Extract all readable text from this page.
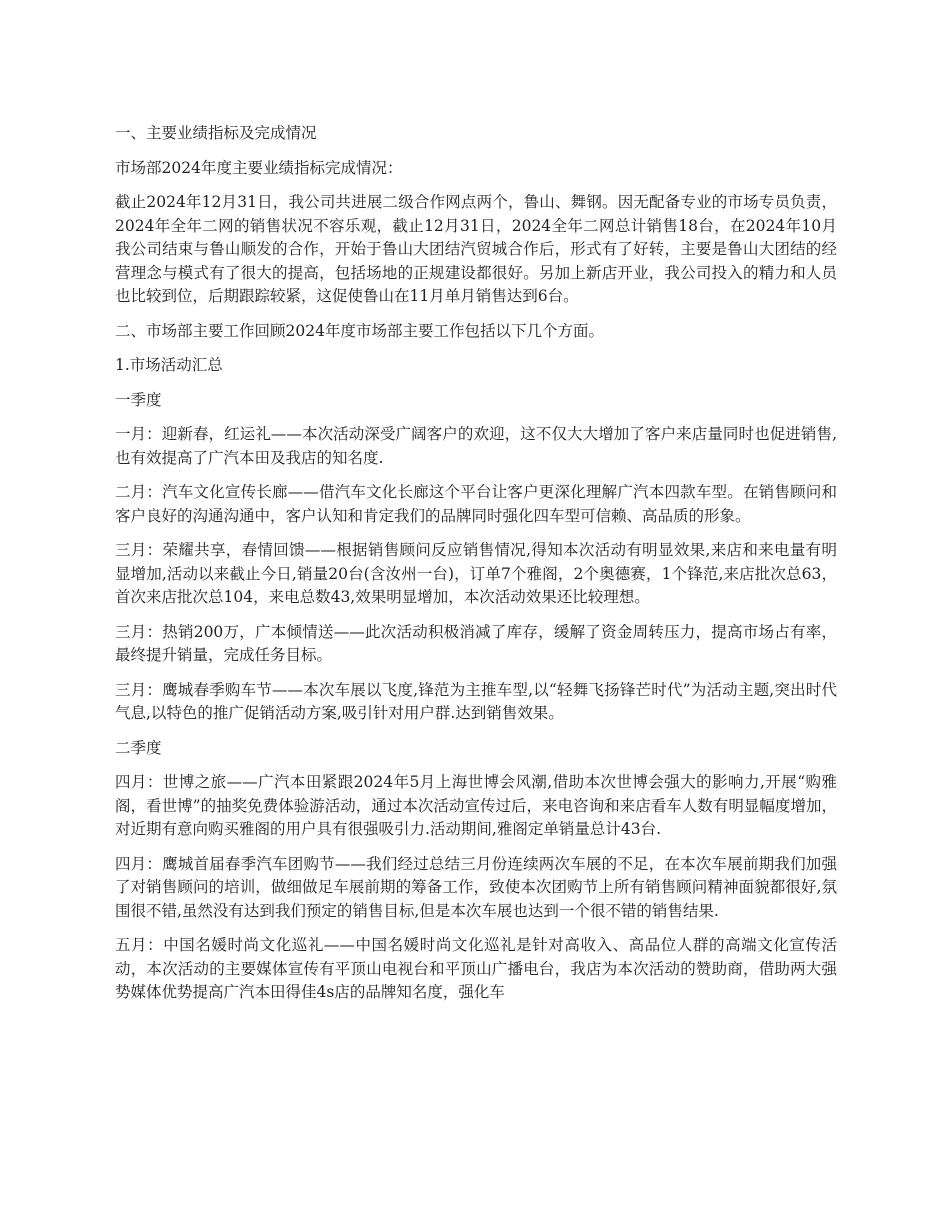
一、主要业绩指标及完成情况

市场部2024年度主要业绩指标完成情况：

截止2024年12月31日，我公司共进展二级合作网点两个，鲁山、舞钢。因无配备专业的市场专员负责，2024年全年二网的销售状况不容乐观，截止12月31日，2024全年二网总计销售18台，在2024年10月我公司结束与鲁山顺发的合作，开始于鲁山大团结汽贸城合作后，形式有了好转，主要是鲁山大团结的经营理念与模式有了很大的提高，包括场地的正规建设都很好。另加上新店开业，我公司投入的精力和人员也比较到位，后期跟踪较紧，这促使鲁山在11月单月销售达到6台。

二、市场部主要工作回顾2024年度市场部主要工作包括以下几个方面。

1.市场活动汇总

一季度

一月：迎新春，红运礼——本次活动深受广阔客户的欢迎，这不仅大大增加了客户来店量同时也促进销售,也有效提高了广汽本田及我店的知名度.

二月：汽车文化宣传长廊——借汽车文化长廊这个平台让客户更深化理解广汽本四款车型。在销售顾问和客户良好的沟通沟通中，客户认知和肯定我们的品牌同时强化四车型可信赖、高品质的形象。

三月：荣耀共享，春情回馈——根据销售顾问反应销售情况,得知本次活动有明显效果,来店和来电量有明显增加,活动以来截止今日,销量20台(含汝州一台)，订单7个雅阁，2个奥德赛，1个锋范,来店批次总63，首次来店批次总104，来电总数43,效果明显增加，本次活动效果还比较理想。

三月：热销200万，广本倾情送——此次活动积极消减了库存，缓解了资金周转压力，提高市场占有率，最终提升销量，完成任务目标。

三月：鹰城春季购车节——本次车展以飞度,锋范为主推车型,以“轻舞飞扬锋芒时代”为活动主题,突出时代气息,以特色的推广促销活动方案,吸引针对用户群.达到销售效果。

二季度

四月：世博之旅——广汽本田紧跟2024年5月上海世博会风潮,借助本次世博会强大的影响力,开展“购雅阁，看世博”的抽奖免费体验游活动，通过本次活动宣传过后，来电咨询和来店看车人数有明显幅度增加，对近期有意向购买雅阁的用户具有很强吸引力.活动期间,雅阁定单销量总计43台.

四月：鹰城首届春季汽车团购节——我们经过总结三月份连续两次车展的不足，在本次车展前期我们加强了对销售顾问的培训，做细做足车展前期的筹备工作，致使本次团购节上所有销售顾问精神面貌都很好,氛围很不错,虽然没有达到我们预定的销售目标,但是本次车展也达到一个很不错的销售结果.

五月：中国名媛时尚文化巡礼——中国名媛时尚文化巡礼是针对高收入、高品位人群的高端文化宣传活动，本次活动的主要媒体宣传有平顶山电视台和平顶山广播电台，我店为本次活动的赞助商，借助两大强势媒体优势提高广汽本田得佳4s店的品牌知名度，强化车
